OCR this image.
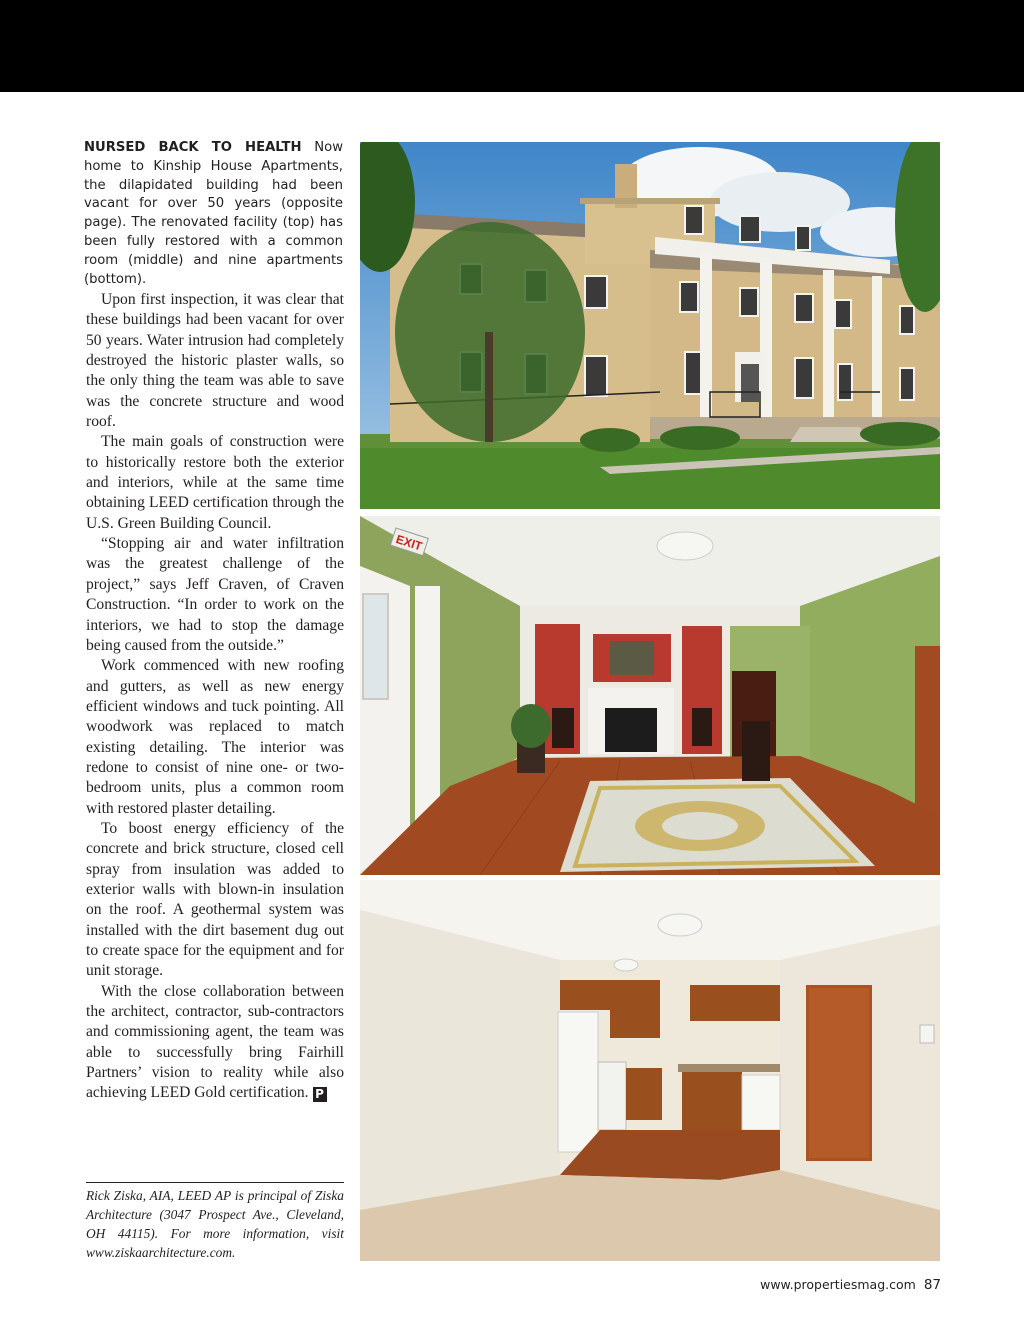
NURSED BACK TO HEALTH Now home to Kinship House Apartments, the dilapidated building had been vacant for over 50 years (opposite page). The renovated facility (top) has been fully restored with a common room (middle) and nine apartments (bottom).

Upon first inspection, it was clear that these buildings had been vacant for over 50 years. Water intrusion had completely destroyed the historic plaster walls, so the only thing the team was able to save was the concrete structure and wood roof.

The main goals of construction were to historically restore both the exterior and interiors, while at the same time obtaining LEED certification through the U.S. Green Building Council.

“Stopping air and water infiltration was the greatest challenge of the project,” says Jeff Craven, of Craven Construction. “In order to work on the interiors, we had to stop the damage being caused from the outside.”

Work commenced with new roofing and gutters, as well as new energy efficient windows and tuck pointing. All woodwork was replaced to match existing detailing. The interior was redone to consist of nine one- or two-bedroom units, plus a common room with restored plaster detailing.

To boost energy efficiency of the concrete and brick structure, closed cell spray from insulation was added to exterior walls with blown-in insulation on the roof. A geothermal system was installed with the dirt basement dug out to create space for the equipment and for unit storage.

With the close collaboration between the architect, contractor, sub-contractors and commissioning agent, the team was able to successfully bring Fairhill Partners’ vision to reality while also achieving LEED Gold certification. P

Rick Ziska, AIA, LEED AP is principal of Ziska Architecture (3047 Prospect Ave., Cleveland, OH 44115). For more information, visit www.ziskaarchitecture.com.
EXIT
www.propertiesmag.com 87
